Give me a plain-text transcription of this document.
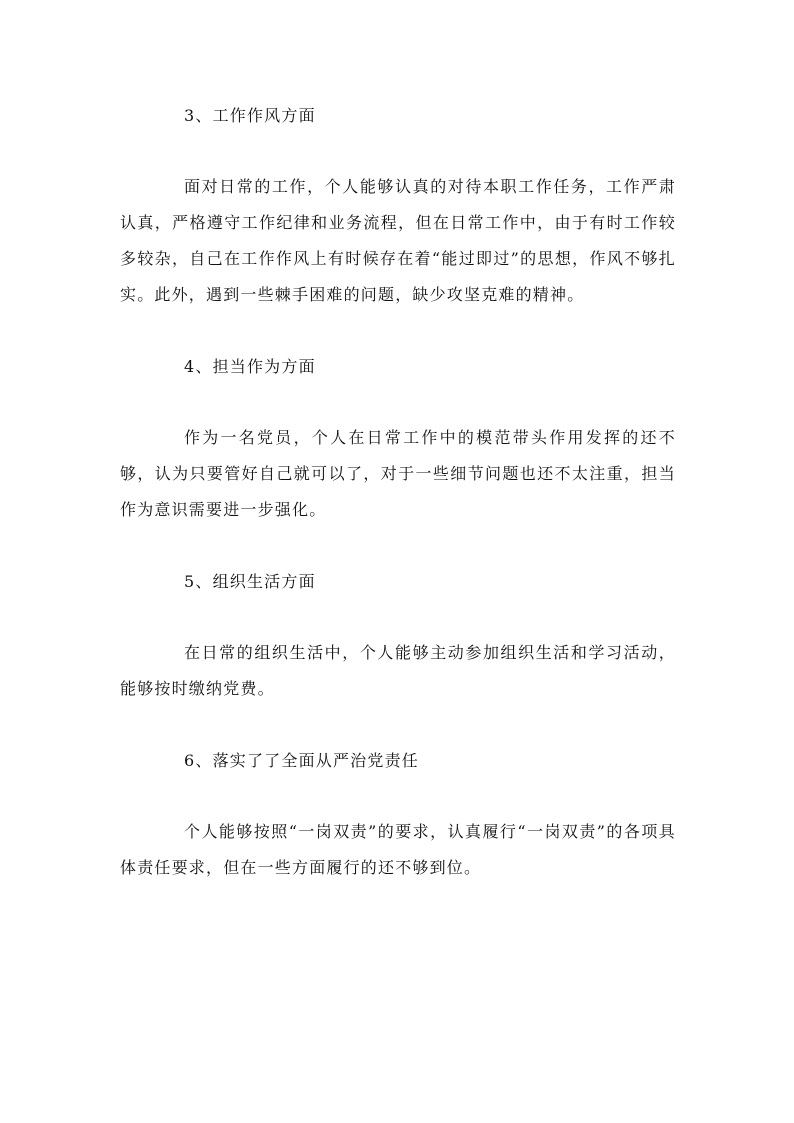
3、工作作风方面

面对日常的工作，个人能够认真的对待本职工作任务，工作严肃认真，严格遵守工作纪律和业务流程，但在日常工作中，由于有时工作较多较杂，自己在工作作风上有时候存在着“能过即过”的思想，作风不够扎实。此外，遇到一些棘手困难的问题，缺少攻坚克难的精神。

4、担当作为方面

作为一名党员，个人在日常工作中的模范带头作用发挥的还不够，认为只要管好自己就可以了，对于一些细节问题也还不太注重，担当作为意识需要进一步强化。

5、组织生活方面

在日常的组织生活中，个人能够主动参加组织生活和学习活动，能够按时缴纳党费。

6、落实了了全面从严治党责任

个人能够按照“一岗双责”的要求，认真履行“一岗双责”的各项具体责任要求，但在一些方面履行的还不够到位。
